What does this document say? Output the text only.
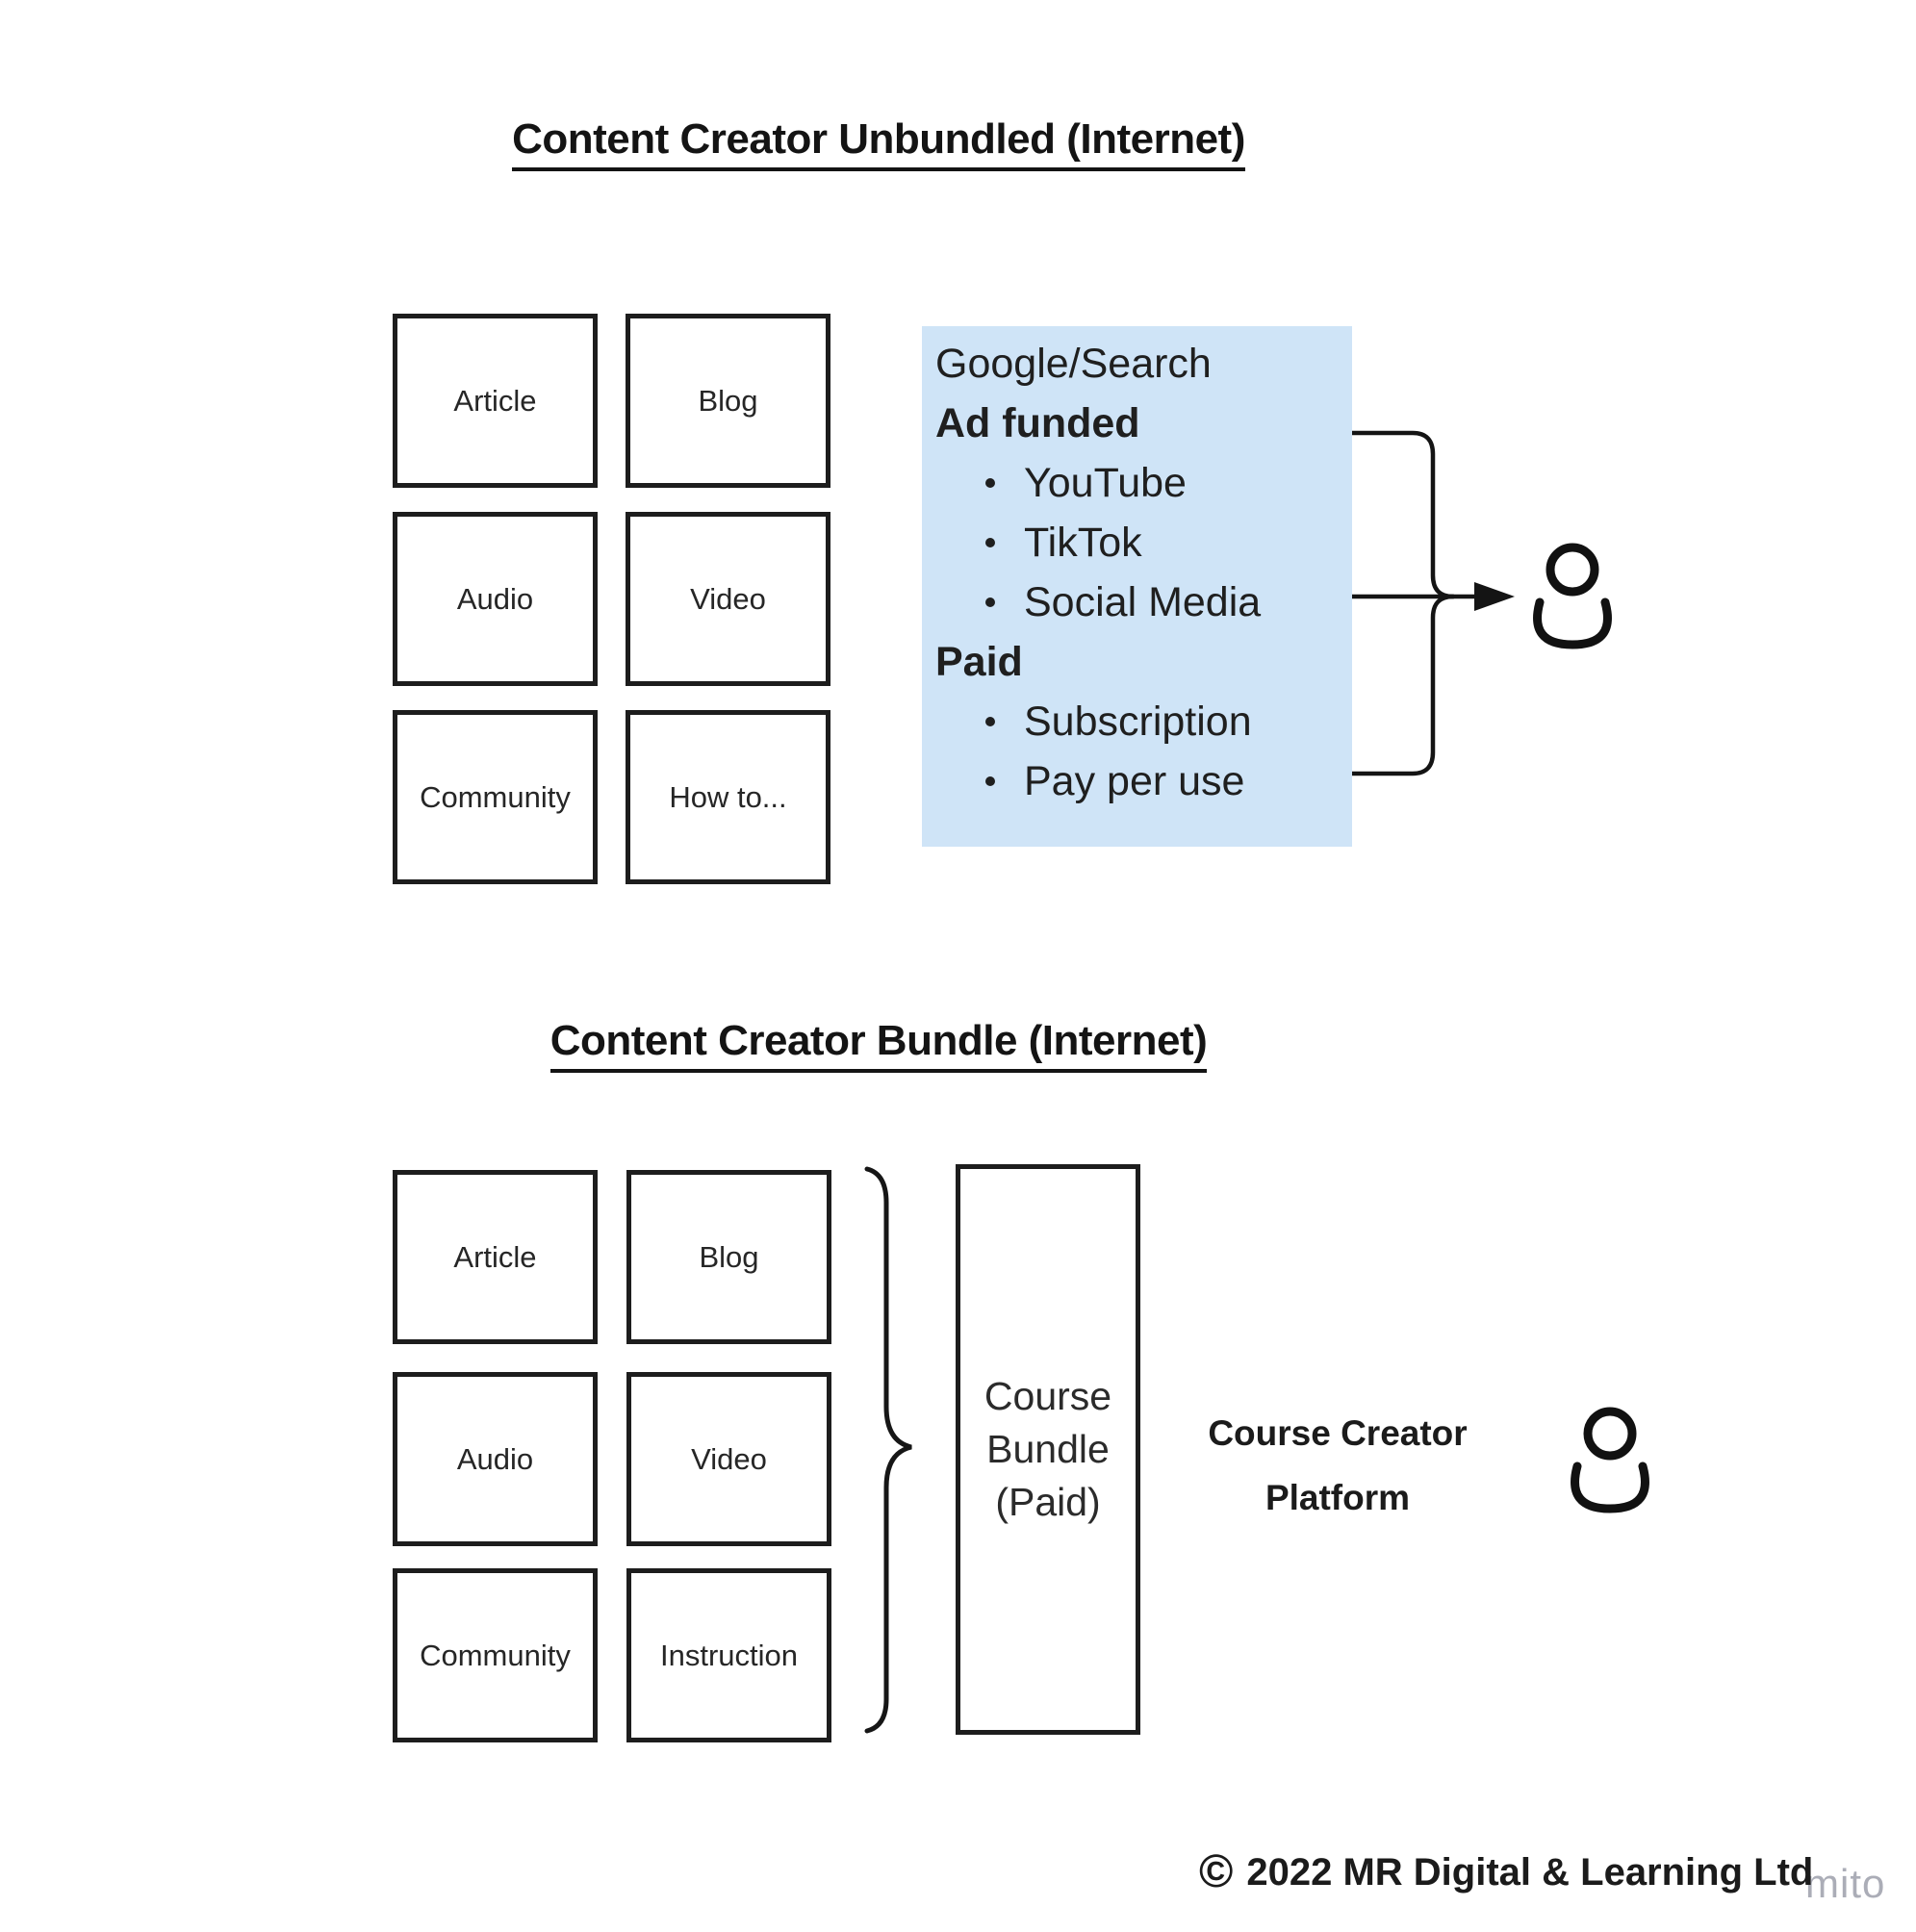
Content Creator Unbundled (Internet)
Article	Blog
Audio	Video
Community	How to...
Google/Search
Ad funded
YouTube
TikTok
Social Media
Paid
Subscription
Pay per use
Content Creator Bundle (Internet)
Article	Blog
Audio	Video
Community	Instruction
Course
Bundle
(Paid)
Course Creator
Platform
mito
© 2022 MR Digital & Learning Ltd
